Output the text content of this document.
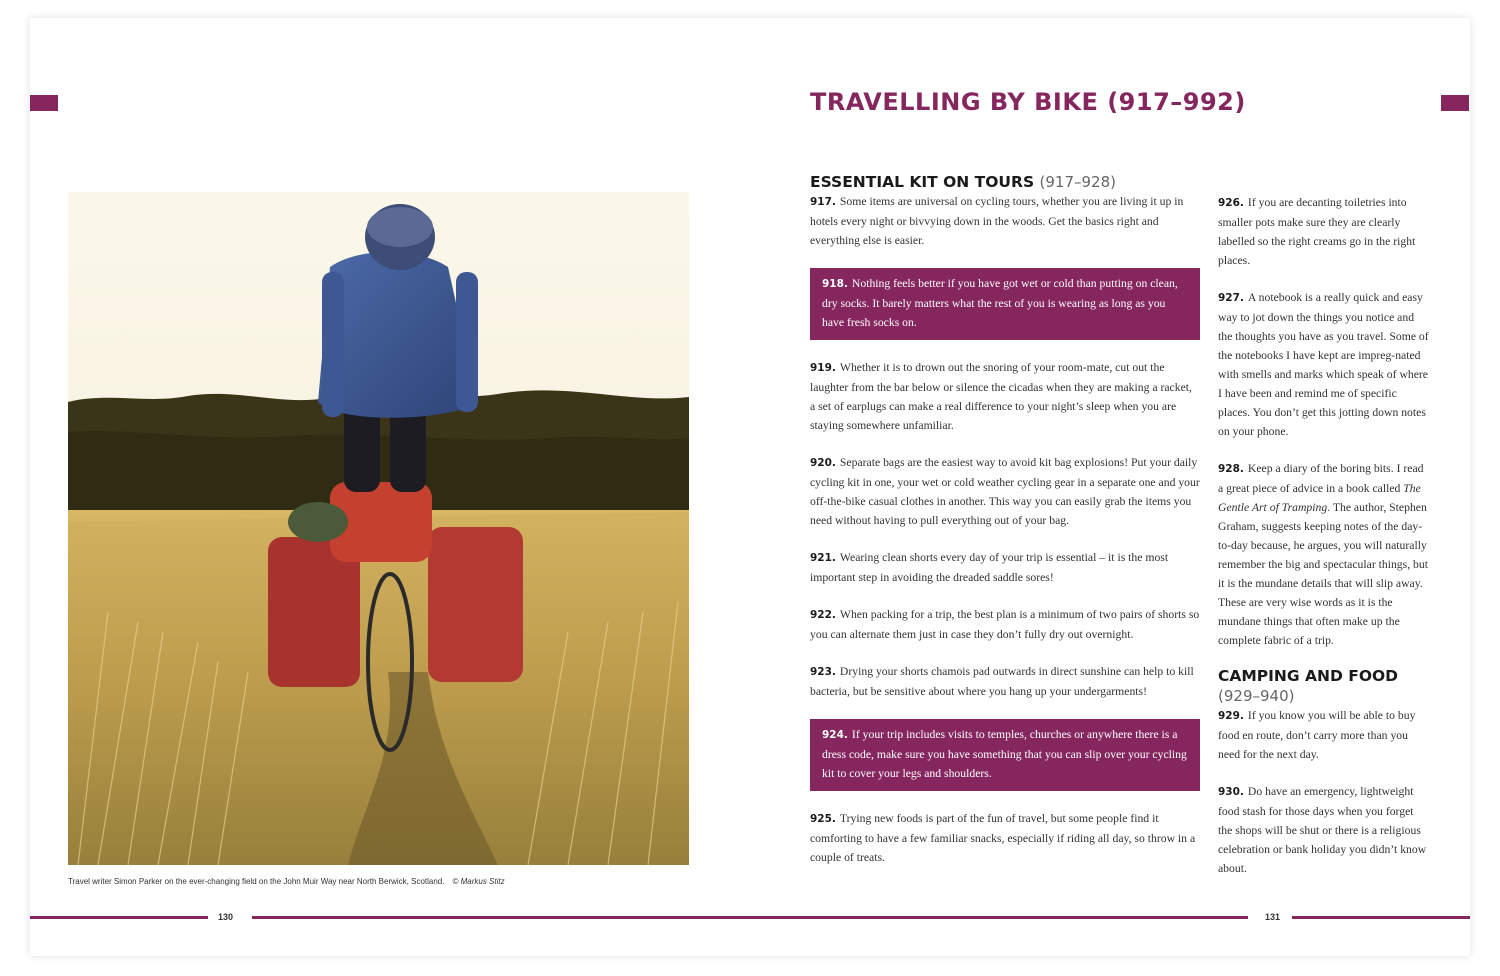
Travel writer Simon Parker on the ever-changing field on the John Muir Way near North Berwick, Scotland. © Markus Stitz
130	131
TRAVELLING BY BIKE (917–992)
ESSENTIAL KIT ON TOURS (917–928)

917. Some items are universal on cycling tours, whether you are living it up in hotels every night or bivvying down in the woods. Get the basics right and everything else is easier.

918. Nothing feels better if you have got wet or cold than putting on clean, dry socks. It barely matters what the rest of you is wearing as long as you have fresh socks on.

919. Whether it is to drown out the snoring of your room-mate, cut out the laughter from the bar below or silence the cicadas when they are making a racket, a set of earplugs can make a real difference to your night’s sleep when you are staying somewhere unfamiliar.

920. Separate bags are the easiest way to avoid kit bag explosions! Put your daily cycling kit in one, your wet or cold weather cycling gear in a separate one and your off-the-bike casual clothes in another. This way you can easily grab the items you need without having to pull everything out of your bag.

921. Wearing clean shorts every day of your trip is essential – it is the most important step in avoiding the dreaded saddle sores!

922. When packing for a trip, the best plan is a minimum of two pairs of shorts so you can alternate them just in case they don’t fully dry out overnight.

923. Drying your shorts chamois pad outwards in direct sunshine can help to kill bacteria, but be sensitive about where you hang up your undergarments!

924. If your trip includes visits to temples, churches or anywhere there is a dress code, make sure you have something that you can slip over your cycling kit to cover your legs and shoulders.

925. Trying new foods is part of the fun of travel, but some people find it comforting to have a few familiar snacks, especially if riding all day, so throw in a couple of treats.

926. If you are decanting toiletries into smaller pots make sure they are clearly labelled so the right creams go in the right places.

927. A notebook is a really quick and easy way to jot down the things you notice and the thoughts you have as you travel. Some of the notebooks I have kept are impreg-nated with smells and marks which speak of where I have been and remind me of specific places. You don’t get this jotting down notes on your phone.

928. Keep a diary of the boring bits. I read a great piece of advice in a book called The Gentle Art of Tramping. The author, Stephen Graham, suggests keeping notes of the day-to-day because, he argues, you will naturally remember the big and spectacular things, but it is the mundane details that will slip away. These are very wise words as it is the mundane things that often make up the complete fabric of a trip.

CAMPING AND FOOD
(929–940)

929. If you know you will be able to buy food en route, don’t carry more than you need for the next day.

930. Do have an emergency, lightweight food stash for those days when you forget the shops will be shut or there is a religious celebration or bank holiday you didn’t know about.
